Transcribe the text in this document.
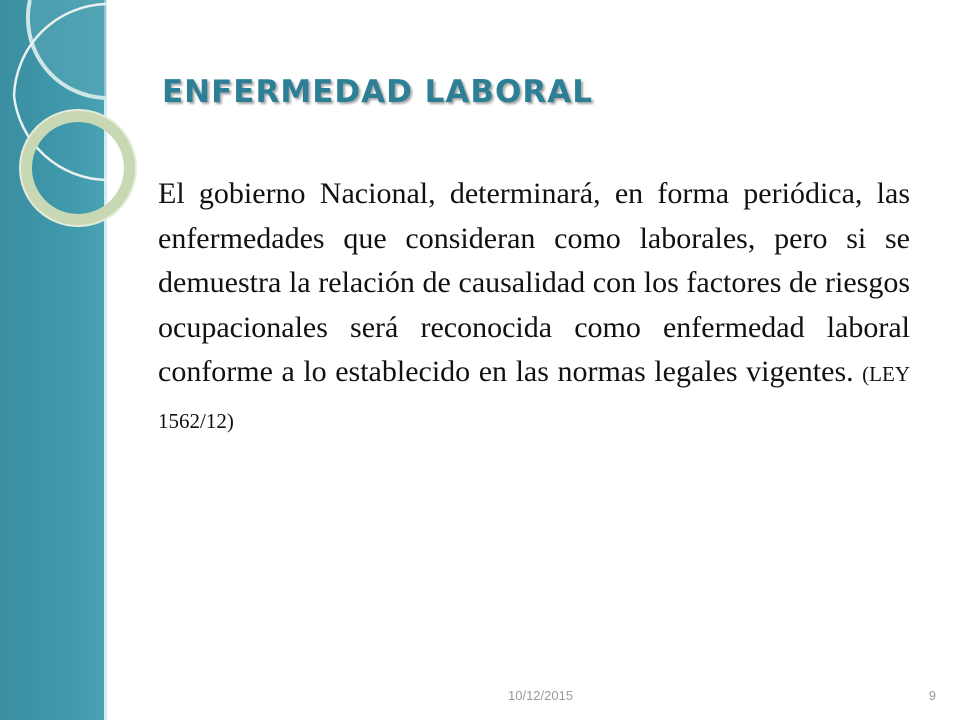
ENFERMEDAD LABORAL

El gobierno Nacional, determinará, en forma periódica, las enfermedades que consideran como laborales, pero si se demuestra la relación de causalidad con los factores de riesgos ocupacionales será reconocida como enfermedad laboral conforme a lo establecido en las normas legales vigentes. (LEY 1562/12)

10/12/2015	9
